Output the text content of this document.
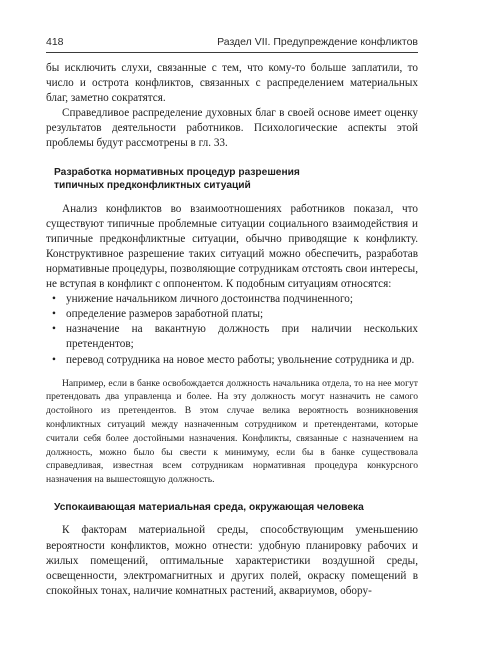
418	Раздел VII. Предупреждение конфликтов

бы исключить слухи, связанные с тем, что кому-то больше заплатили, то число и острота конфликтов, связанных с распределением материальных благ, заметно сократятся.

Справедливое распределение духовных благ в своей основе имеет оценку результатов деятельности работников. Психологические аспекты этой проблемы будут рассмотрены в гл. 33.

Разработка нормативных процедур разрешения
типичных предконфликтных ситуаций

Анализ конфликтов во взаимоотношениях работников показал, что существуют типичные проблемные ситуации социального взаимодействия и типичные предконфликтные ситуации, обычно приводящие к конфликту. Конструктивное разрешение таких ситуаций можно обеспечить, разработав нормативные процедуры, позволяющие сотрудникам отстоять свои интересы, не вступая в конфликт с оппонентом. К подобным ситуациям относятся:

• унижение начальником личного достоинства подчиненного;
• определение размеров заработной платы;
• назначение на вакантную должность при наличии нескольких претендентов;
• перевод сотрудника на новое место работы; увольнение сотрудника и др.

Например, если в банке освобождается должность начальника отдела, то на нее могут претендовать два управленца и более. На эту должность могут назначить не самого достойного из претендентов. В этом случае велика вероятность возникновения конфликтных ситуаций между назначенным сотрудником и претендентами, которые считали себя более достойными назначения. Конфликты, связанные с назначением на должность, можно было бы свести к минимуму, если бы в банке существовала справедливая, известная всем сотрудникам нормативная процедура конкурсного назначения на вышестоящую должность.

Успокаивающая материальная среда, окружающая человека

К факторам материальной среды, способствующим уменьшению вероятности конфликтов, можно отнести: удобную планировку рабочих и жилых помещений, оптимальные характеристики воздушной среды, освещенности, электромагнитных и других полей, окраску помещений в спокойных тонах, наличие комнатных растений, аквариумов, обору-
